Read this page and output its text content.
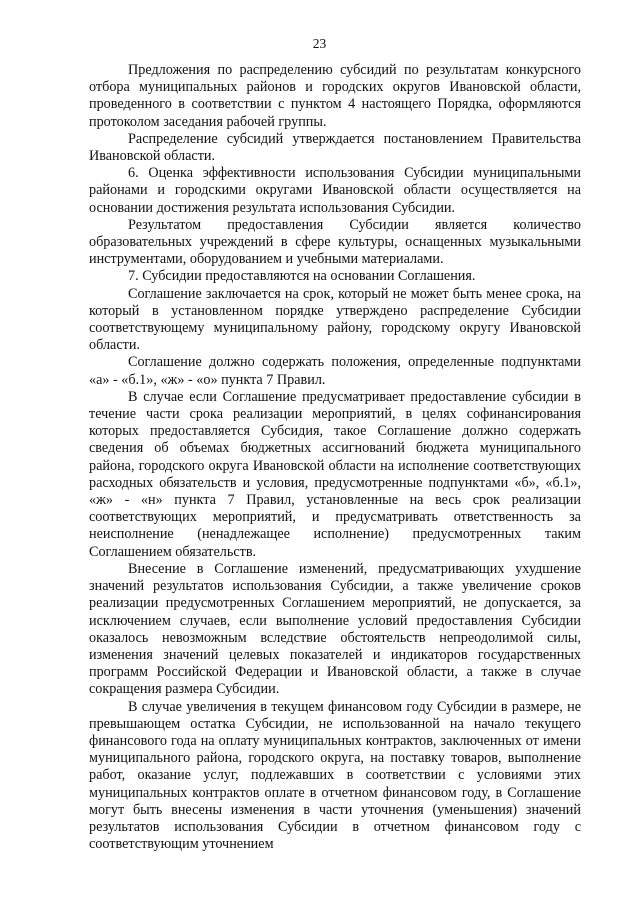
23

Предложения по распределению субсидий по результатам конкурсного отбора муниципальных районов и городских округов Ивановской области, проведенного в соответствии с пунктом 4 настоящего Порядка, оформляются протоколом заседания рабочей группы.

Распределение субсидий утверждается постановлением Правительства Ивановской области.

6. Оценка эффективности использования Субсидии муниципальными районами и городскими округами Ивановской области осуществляется на основании достижения результата использования Субсидии.

Результатом предоставления Субсидии является количество образовательных учреждений в сфере культуры, оснащенных музыкальными инструментами, оборудованием и учебными материалами.

7. Субсидии предоставляются на основании Соглашения.

Соглашение заключается на срок, который не может быть менее срока, на который в установленном порядке утверждено распределение Субсидии соответствующему муниципальному району, городскому округу Ивановской области.

Соглашение должно содержать положения, определенные подпунктами «а» - «б.1», «ж» - «о» пункта 7 Правил.

В случае если Соглашение предусматривает предоставление субсидии в течение части срока реализации мероприятий, в целях софинансирования которых предоставляется Субсидия, такое Соглашение должно содержать сведения об объемах бюджетных ассигнований бюджета муниципального района, городского округа Ивановской области на исполнение соответствующих расходных обязательств и условия, предусмотренные подпунктами «б», «б.1», «ж» - «н» пункта 7 Правил, установленные на весь срок реализации соответствующих мероприятий, и предусматривать ответственность за неисполнение (ненадлежащее исполнение) предусмотренных таким Соглашением обязательств.

Внесение в Соглашение изменений, предусматривающих ухудшение значений результатов использования Субсидии, а также увеличение сроков реализации предусмотренных Соглашением мероприятий, не допускается, за исключением случаев, если выполнение условий предоставления Субсидии оказалось невозможным вследствие обстоятельств непреодолимой силы, изменения значений целевых показателей и индикаторов государственных программ Российской Федерации и Ивановской области, а также в случае сокращения размера Субсидии.

В случае увеличения в текущем финансовом году Субсидии в размере, не превышающем остатка Субсидии, не использованной на начало текущего финансового года на оплату муниципальных контрактов, заключенных от имени муниципального района, городского округа, на поставку товаров, выполнение работ, оказание услуг, подлежавших в соответствии с условиями этих муниципальных контрактов оплате в отчетном финансовом году, в Соглашение могут быть внесены изменения в части уточнения (уменьшения) значений результатов использования Субсидии в отчетном финансовом году с соответствующим уточнением
